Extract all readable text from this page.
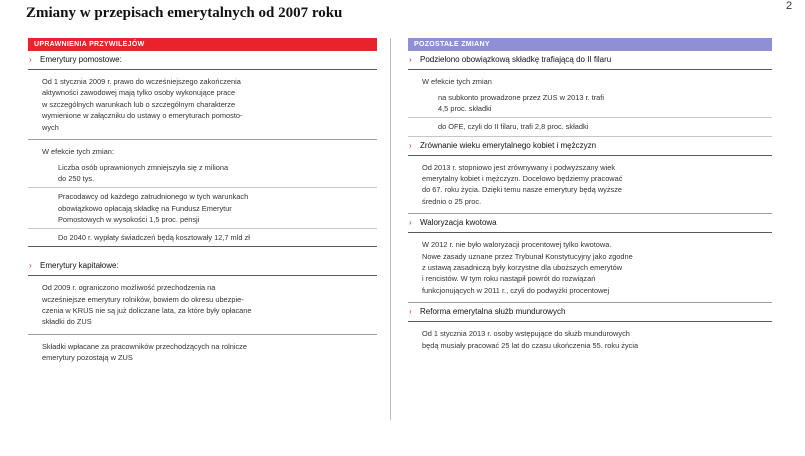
Zmiany w przepisach emerytalnych od 2007 roku	2
UPRAWNIENIA PRZYWILEJÓW
› Emerytury pomostowe:
Od 1 stycznia 2009 r. prawo do wcześniejszego zakończenia
aktywności zawodowej mają tylko osoby wykonujące prace
w szczególnych warunkach lub o szczególnym charakterze
wymienione w załączniku do ustawy o emeryturach pomosto-
wych
W efekcie tych zmian:
Liczba osób uprawnionych zmniejszyła się z miliona
do 250 tys.
Pracodawcy od każdego zatrudnionego w tych warunkach
obowiązkowo opłacają składkę na Fundusz Emerytur
Pomostowych w wysokości 1,5 proc. pensji
Do 2040 r. wypłaty świadczeń będą kosztowały 12,7 mld zł
› Emerytury kapitałowe:
Od 2009 r. ograniczono możliwość przechodzenia na
wcześniejsze emerytury rolników, bowiem do okresu ubezpie-
czenia w KRUS nie są już doliczane lata, za które były opłacane
składki do ZUS
Składki wpłacane za pracowników przechodzących na rolnicze
emerytury pozostają w ZUS
POZOSTAŁE ZMIANY
› Podzielono obowiązkową składkę trafiającą do II filaru
W efekcie tych zmian
na subkonto prowadzone przez ZUS w 2013 r. trafi
4,5 proc. składki
do OFE, czyli do II filaru, trafi 2,8 proc. składki
› Zrównanie wieku emerytalnego kobiet i mężczyzn
Od 2013 r. stopniowo jest zrównywany i podwyższany wiek
emerytalny kobiet i mężczyzn. Docelowo będziemy pracować
do 67. roku życia. Dzięki temu nasze emerytury będą wyższe
średnio o 25 proc.
› Waloryzacja kwotowa
W 2012 r. nie było waloryzacji procentowej tylko kwotowa.
Nowe zasady uznane przez Trybunał Konstytucyjny jako zgodne
z ustawą zasadniczą były korzystne dla uboższych emerytów
i rencistów. W tym roku nastąpił powrót do rozwiązań
funkcjonujących w 2011 r., czyli do podwyżki procentowej
› Reforma emerytalna służb mundurowych
Od 1 stycznia 2013 r. osoby wstępujące do służb mundurowych
będą musiały pracować 25 lat do czasu ukończenia 55. roku życia
